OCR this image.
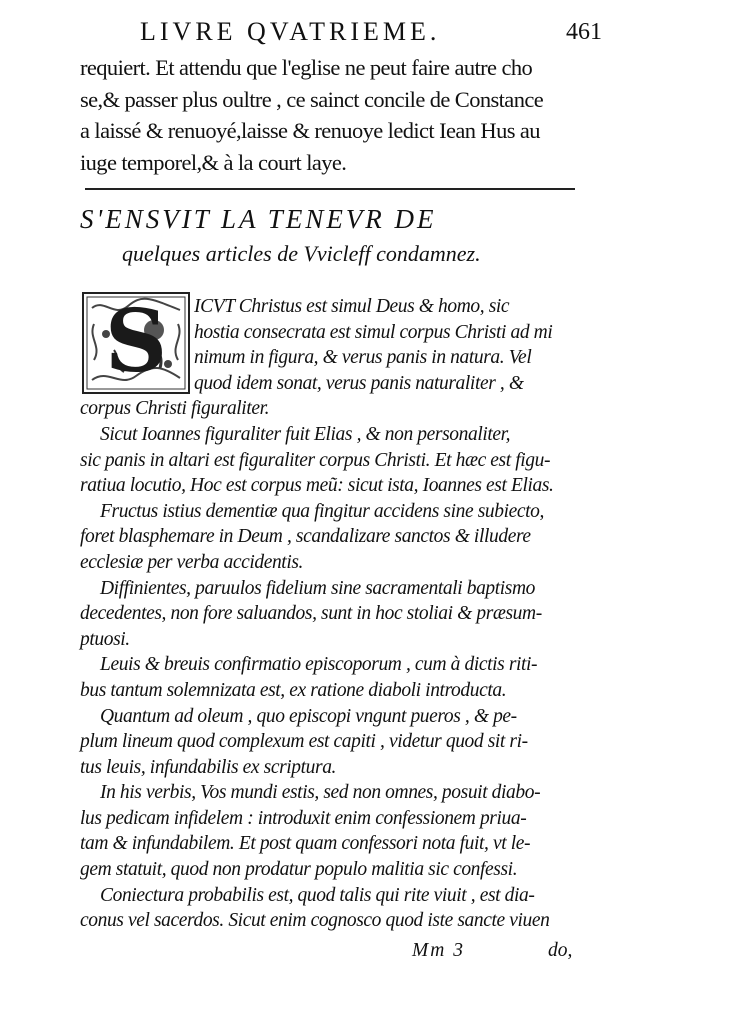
LIVRE QVATRIEME.	461
requiert. Et attendu que l'eglise ne peut faire autre cho
se,& passer plus oultre , ce sainct concile de Constance
a laissé & renuoyé,laisse & renuoye ledict Iean Hus au
iuge temporel,& à la court laye.
S'ENSVIT LA TENEVR DE
quelques articles de Vvicleff condamnez.
ICVT Christus est simul Deus & homo, sic
hostia consecrata est simul corpus Christi ad mi
nimum in figura, & verus panis in natura. Vel
quod idem sonat, verus panis naturaliter , &
corpus Christi figuraliter.
Sicut Ioannes figuraliter fuit Elias , & non personaliter,
sic panis in altari est figuraliter corpus Christi. Et hæc est figu-
ratiua locutio, Hoc est corpus meũ: sicut ista, Ioannes est Elias.
Fructus istius dementiæ qua fingitur accidens sine subiecto,
foret blasphemare in Deum , scandalizare sanctos & illudere
ecclesiæ per verba accidentis.
Diffinientes, paruulos fidelium sine sacramentali baptismo
decedentes, non fore saluandos, sunt in hoc stoliai & præsum-
ptuosi.
Leuis & breuis confirmatio episcoporum , cum à dictis riti-
bus tantum solemnizata est, ex ratione diaboli introducta.
Quantum ad oleum , quo episcopi vngunt pueros , & pe-
plum lineum quod complexum est capiti , videtur quod sit ri-
tus leuis, infundabilis ex scriptura.
In his verbis, Vos mundi estis, sed non omnes, posuit diabo-
lus pedicam infidelem : introduxit enim confessionem priua-
tam & infundabilem. Et post quam confessori nota fuit, vt le-
gem statuit, quod non prodatur populo malitia sic confessi.
Coniectura probabilis est, quod talis qui rite viuit , est dia-
conus vel sacerdos. Sicut enim cognosco quod iste sancte viuen
S
Mm 3	do,
